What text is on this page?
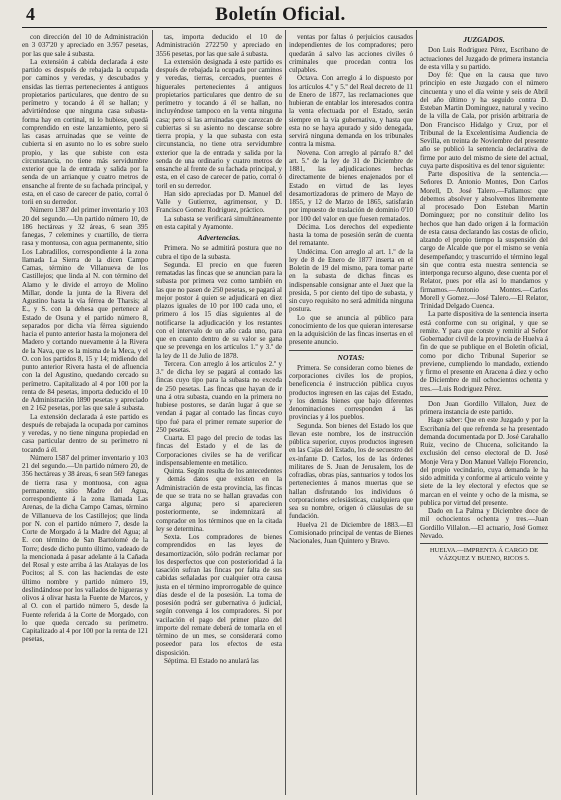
4	Boletín Oficial.

con dirección del 10 de Administración en 3 037'20 y apreciado en 3.957 pesetas, por las que sale á subasta.

La extensión á cabida declarada á este partido es después de rebajada la ocupada por caminos y veredas, y descubados y ensidas las tierras pertenecientes á antiguos propietarios particulares, que dentro de su perímetro y tocando á él se hallan; y advirtiéndose que ninguna casa subasta-forma hay en cortinal, ni lo hubiese, quedá comprendido en este lanzamiento, pero si las casas arruinadas que se veinte de cubierta si en asunto no lo es sobre suelo propio, y las que subiste con esta circunstancia, no tiene más servidumbre exterior que la de entrada y salida por la senda de un arrianque y cuatro metros de ensanche al frente de su fachada principal, y esta, en el caso de carecer de patio, corral ó torii en su derredor.

Número 1387 del primer inventario y 103 20 del segundo.—Un partido número 10, de 186 hectáreas y 32 áreas, 6 sean 395 fanegas, 7 celemines y cuartillo, de tierra rasa y montuosa, con agua permanente, sitio Los Labradillos, correspondiente á la zona llamada La Sierra de la dicen Campo Camas, término de Villanueva de los Castillejos; que linda al N. con término del Alamo y le divide el arroyo de Molino Millar, donde la junta de la Rivera del Agustino hasta la vía férrea de Tharsis; al E., y S. con la dehesa que pertenece al Estado de Osuna y el partido número 8, separados por dicha vía férrea siguiendo hacia el punto anterior hasta la mojonera del Madero y cortando nuevamente á la Rivera de la Nava, que es la misma de la Meca, y el O. con los partidos 8, 15 y 14; midiendo del punto anterior Rivera hasta el de afluencia con la del Agustino, quedando cercado su perímetro. Capitalizado al 4 por 100 por la renta de 84 pesetas, importa deducido el 10 de Administración 1890 pesetas y apreciado en 2 162 pesetas, por las que sale á subasta.

La extensión declarada á este partido es después de rebajada la ocupada por caminos y veredas, y no tiene ninguna propiedad en casa particular dentro de su perímetro ni tocando á él.

Número 1587 del primer inventario y 103 21 del segundo.—Un partido número 20, de 356 hectáreas y 38 áreas, 6 sean 569 fanegas de tierra rasa y montuosa, con agua permanente, sitio Madre del Agua, correspondiente á la zona llamada Las Arenas, de la dicha Campo Camas, término de Villanueva de los Castillejos; que linda por N. con el partido número 7, desde la Corte de Morgado á la Madre del Agua; al E. con término de San Bartolomé de la Torre; desde dicho punto último, vadeado de la mencionada á pasar adelante á la Cañada del Rosal y este arriba á las Atalayas de los Pocitos; al S. con las haciendas de este último nombre y partido número 19, deslindándose por los vallados de higueras y olivos á olivar hasta la Fuente de Marcos, y al O. con el partido número 5, desde la Fuente referida á la Corte de Morgado, con lo que queda cercado su perímetro. Capitalizado al 4 por 100 por la renta de 121 pesetas,

tas, importa deducido el 10 de Administración 2722'50 y apreciado en 3556 pesetas, por las que sale á subasta.

La extensión designada á este partido es después de rebajada la ocupada por caminos y veredas, tierras, cercados, puentes é higuerales pertenecientes á antiguos propietarios particulares que dentro de su perímetro y tocando á él se hallan, no incluyéndose tampoco en la venta ninguna casa; pero si las arruinadas que carezcan de cubiertas si su asiento no descanse sobre tierra propia, y la que subasta con esta circunstancia, no tiene otra servidumbre exterior que la de entrada y salida por la senda de una ordinario y cuatro metros de ensanche al frente de su fachada principal, y esta, en el caso de carecer de patio, corral ó toril en su derredor.

Han sido apreciadas por D. Manuel del Valle y Gutierrez, agrimensor, y D. Francisco Gomez Rodriguez, práctico.

La subasta se verificará simultáneamente en esta capital y Ayamonte.

Advertencias.

Primera. No se admitirá postura que no cubra el tipo de la subasta.

Segunda. El precio en que fueren rematadas las fincas que se anuncian para la subasta por primera vez como también en las que no pasen de 250 pesetas, se pagará al mejor postor á quien se adjudicará en diez plazos iguales de 10 por 100 cada uno, el primero á los 15 días siguientes al de notificarse la adjudicación y los restantes con el intervalo de un año cada uno, para que en cuanto dentro de su valor se gana que se prevenga en los artículos 1.º y 3.º de la ley de 11 de Julio de 1878.

Tercera. Con arreglo á los artículos 2.º y 3.º de dicha ley se pagará al contado las fincas cuyo tipo para la subasta no exceda de 250 pesetas. Las fincas que hayan de ir una á otra subasta, cuando en la primera no hubiese postores, se darán lugar á que se vendan á pagar al contado las fincas cuyo tipo fué para el primer remate superior de 250 pesetas.

Cuarta. El pago del precio de todas las fincas del Estado y el de las de Corporaciones civiles se ha de verificar indispensablemente en metálico.

Quinta. Según resulta de los antecedentes y demás datos que existen en la Administración de esta provincia, las fincas de que se trata no se hallan gravadas con carga alguna; pero si aparecieren posteriormente, se indemnizará al comprador en los términos que en la citada ley se determina.

Sexta. Los compradores de bienes comprendidos en las leyes de desamortización, sólo podrán reclamar por los desperfectos que con posterioridad á la tasación sufran las fincas por falta de sus cabidas señaladas por cualquier otra causa justa en el término improrrogable de quince días desde el de la posesión. La toma de posesión podrá ser gubernativa ó judicial, según convenga á los compradores. Si por vacilación el pago del primer plazo del importe del remate deberá de tomarla en el término de un mes, se considerará como poseedor para los efectos de esta disposición.

Séptima. El Estado no anulará las

ventas por faltas ó perjuicios causados independientes de los compradores; pero quedarán á salvo las acciones civiles ó criminales que procedan contra los culpables.

Octava. Con arreglo á lo dispuesto por los artículos 4.º y 5.º del Real decreto de 11 de Enero de 1877, las reclamaciones que hubieran de entablar los interesados contra la venta efectuada por el Estado, serán siempre en la vía gubernativa, y hasta que esta no se haya apurado y sido denegada, servirá ninguna demanda en los tribunales contra la misma.

Novena. Con arreglo al párrafo 8.º del art. 5.º de la ley de 31 de Diciembre de 1881, las adjudicaciones hechas directamente de bienes enajenados por el Estado en virtud de las leyes desamortizadoras de primero de Mayo de 1855, y 12 de Marzo de 1865, satisfarán por impuesto de traslación de dominio 0'10 por 100 del valor en que fuesen rematados.

Décima. Los derechos del expediente hasta la toma de posesión serán de cuenta del rematante.

Undécima. Con arreglo al art. 1.º de la ley de 8 de Enero de 1877 inserta en el Boletín de 19 del mismo, para tomar parte en la subasta de dichas fincas es indispensable consignar ante el Juez que la presida, 5 por ciento del tipo de subasta, y sin cuyo requisito no será admitida ninguna postura.

Lo que se anuncia al público para conocimiento de los que quieran interesarse en la adquisición de las fincas insertas en el presente anuncio.

NOTAS:

Primera. Se consideran como bienes de corporaciones civiles los de propios, beneficencia é instrucción pública cuyos productos ingresen en las cajas del Estado, y los demás bienes que bajo diferentes denominaciones corresponden á las provincias y á los pueblos.

Segunda. Son bienes del Estado los que llevan este nombre, los de instrucción pública superior, cuyos productos ingresen en las Cajas del Estado, los de secuestro del ex-infante D. Carlos, los de las órdenes militares de S. Juan de Jerusalem, los de cofradías, obras pías, santuarios y todos los pertenecientes á manos muertas que se hallan disfrutando los individuos ó corporaciones eclesiásticas, cualquiera que sea su nombre, origen ó cláusulas de su fundación.

Huelva 21 de Diciembre de 1883.—El Comisionado principal de ventas de Bienes Nacionales, Juan Quintero y Bravo.

JUZGADOS.

Don Luis Rodriguez Pérez, Escribano de actuaciones del Juzgado de primera instancia de esta villa y su partido.

Doy fé: Que en la causa que tuvo principio en este Juzgado con el número cincuenta y uno el día veinte y seis de Abril del año último y ha seguido contra D. Esteban Martin Dominguez, natural y vecino de la villa de Cala, por prisión arbitraria de Don Francisco Hidalgo y Cruz, por el Tribunal de la Excelentísima Audiencia de Sevilla, en treinta de Noviembre del presente año se publicó la sentencia declarativa de firme por auto del mismo de siete del actual, cuya parte dispositiva es del tenor siguiente:

Parte dispositiva de la sentencia.—Señores D. Antonio Montes, Don Carlos Morell, D. José Talero.—Fallamos: que debemos absolver y absolvemos libremente al procesado Don Esteban Martin Dominguez; por no constituir delito los hechos que han dado origen á la formación de esta causa declarando las costas de oficio, alzando el propio tiempo la suspensión del cargo de Alcalde que por el mismo se venía desempeñando; y trascurrido el término legal sin que contra esta nuestra sentencia se interponga recurso alguno, dese cuenta por el Relator, pues por ella así lo mandamos y firmamos.—Antonio Montes.—Carlos Morell y Gomez.—José Talero.—El Relator, Trinidad Delgado Cuenca.

La parte dispositiva de la sentencia inserta está conforme con su original, y que se remite. Y para que conste y remitir al Señor Gobernador civil de la provincia de Huelva á fin de que se publique en el Boletín oficial, como por dicho Tribunal Superior se previene, cumpliendo lo mandado, extiendo y firmo el presente en Aracena á diez y ocho de Diciembre de mil ochocientos ochenta y tres.—Luis Rodriguez Pérez.

Don Juan Gordillo Villalon, Juez de primera instancia de este partido.

Hago saber: Que en este Juzgado y por la Escribanía del que refrenda se ha presentado demanda documentada por D. José Carahallo Ruiz, vecino de Chucena, solicitando la exclusión del censo electoral de D. José Monje Vera y Don Manuel Vallejo Florencio, del propio vecindario, cuya demanda le ha sido admitida y conforme al artículo veinte y siete de la ley electoral y efectos que se marcan en el veinte y ocho de la misma, se publica por virtud del presente.

Dado en La Palma y Diciembre doce de mil ochocientos ochenta y tres.—Juan Gordillo Villalon.—El actuario, José Gomez Nevado.

HUELVA.—IMPRENTA Á CARGO DE VÁZQUEZ Y BUENO, RICOS 5.
